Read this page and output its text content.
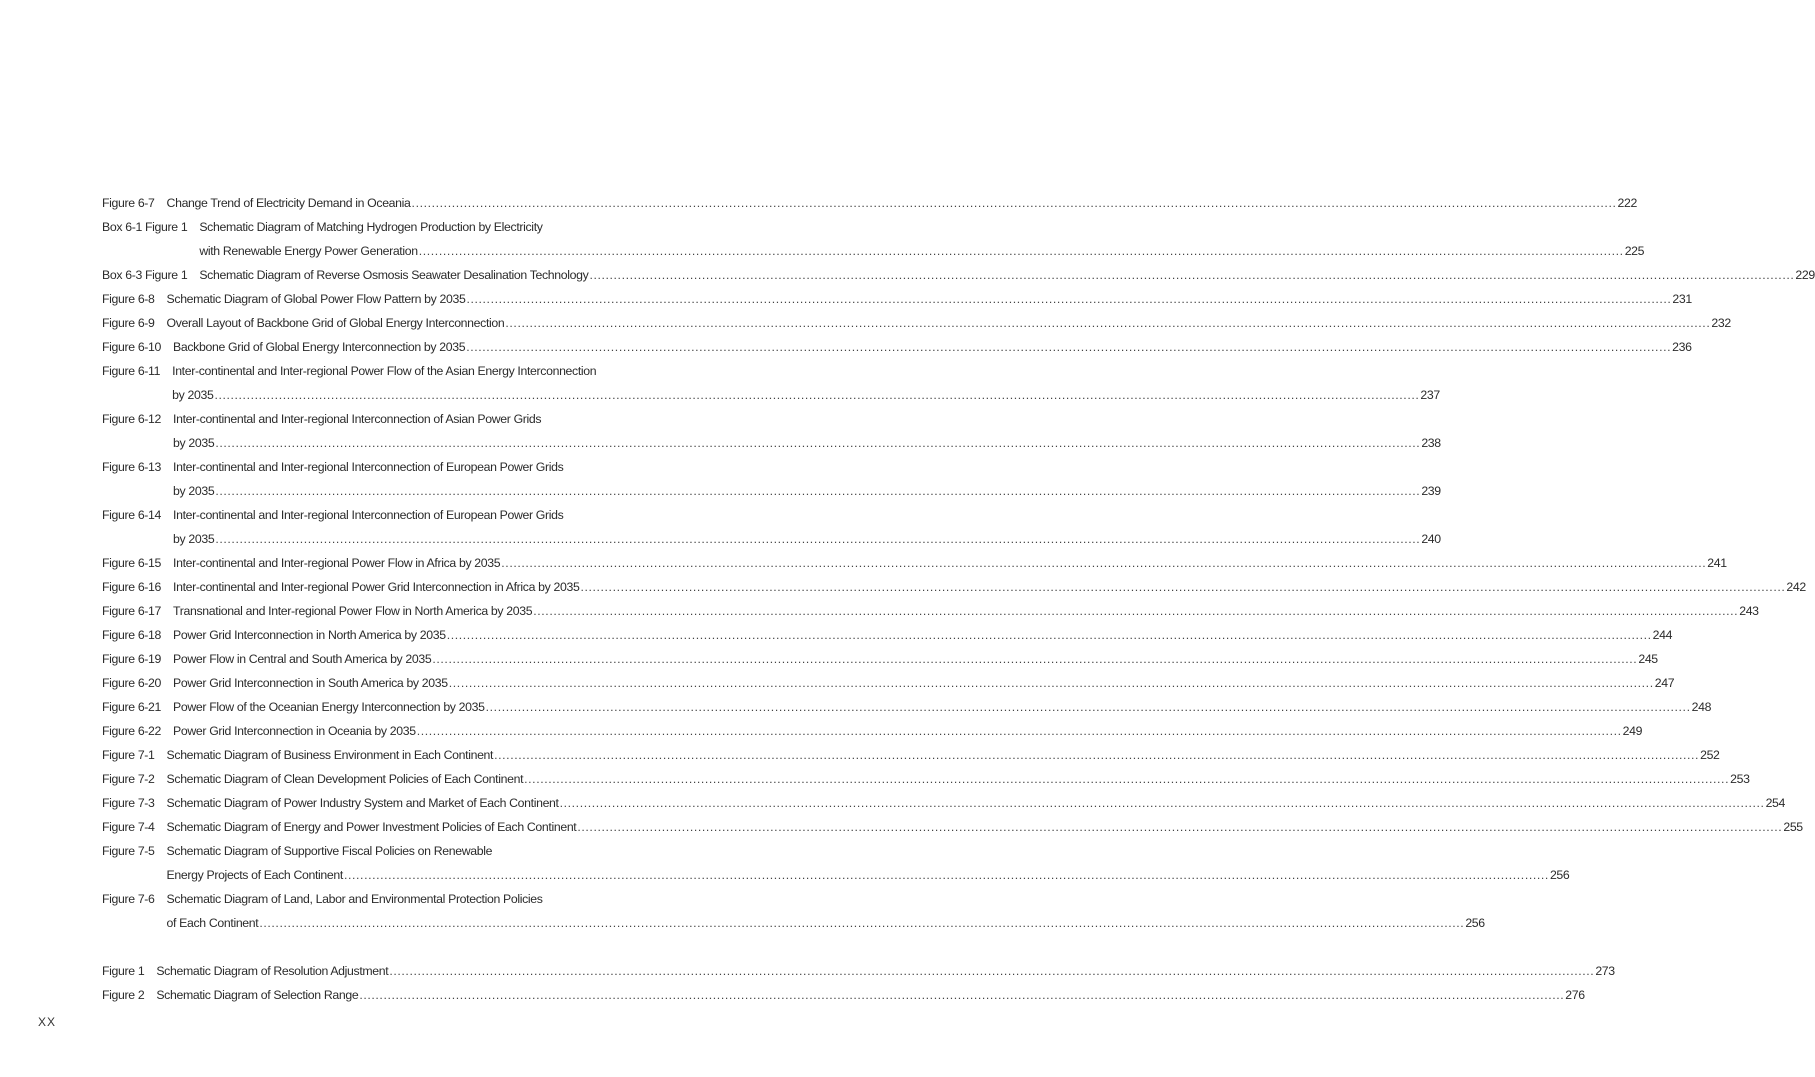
Figure 6-7 Change Trend of Electricity Demand in Oceania ............................................................................................................................................................................................................................................................................................................ 222
Box 6-1 Figure 1 Schematic Diagram of Matching Hydrogen Production by Electricity
with Renewable Energy Power Generation ............................................................................................................................................................................................................................................................................................................ 225
Box 6-3 Figure 1 Schematic Diagram of Reverse Osmosis Seawater Desalination Technology ............................................................................................................................................................................................................................................................................................................ 229
Figure 6-8 Schematic Diagram of Global Power Flow Pattern by 2035 ............................................................................................................................................................................................................................................................................................................ 231
Figure 6-9 Overall Layout of Backbone Grid of Global Energy Interconnection ............................................................................................................................................................................................................................................................................................................ 232
Figure 6-10 Backbone Grid of Global Energy Interconnection by 2035 ............................................................................................................................................................................................................................................................................................................ 236
Figure 6-11 Inter-continental and Inter-regional Power Flow of the Asian Energy Interconnection
by 2035 ............................................................................................................................................................................................................................................................................................................ 237
Figure 6-12 Inter-continental and Inter-regional Interconnection of Asian Power Grids
by 2035 ............................................................................................................................................................................................................................................................................................................ 238
Figure 6-13 Inter-continental and Inter-regional Interconnection of European Power Grids
by 2035 ............................................................................................................................................................................................................................................................................................................ 239
Figure 6-14 Inter-continental and Inter-regional Interconnection of European Power Grids
by 2035 ............................................................................................................................................................................................................................................................................................................ 240
Figure 6-15 Inter-continental and Inter-regional Power Flow in Africa by 2035 ............................................................................................................................................................................................................................................................................................................ 241
Figure 6-16 Inter-continental and Inter-regional Power Grid Interconnection in Africa by 2035 ............................................................................................................................................................................................................................................................................................................ 242
Figure 6-17 Transnational and Inter-regional Power Flow in North America by 2035 ............................................................................................................................................................................................................................................................................................................ 243
Figure 6-18 Power Grid Interconnection in North America by 2035 ............................................................................................................................................................................................................................................................................................................ 244
Figure 6-19 Power Flow in Central and South America by 2035 ............................................................................................................................................................................................................................................................................................................ 245
Figure 6-20 Power Grid Interconnection in South America by 2035 ............................................................................................................................................................................................................................................................................................................ 247
Figure 6-21 Power Flow of the Oceanian Energy Interconnection by 2035 ............................................................................................................................................................................................................................................................................................................ 248
Figure 6-22 Power Grid Interconnection in Oceania by 2035 ............................................................................................................................................................................................................................................................................................................ 249
Figure 7-1 Schematic Diagram of Business Environment in Each Continent ............................................................................................................................................................................................................................................................................................................ 252
Figure 7-2 Schematic Diagram of Clean Development Policies of Each Continent ............................................................................................................................................................................................................................................................................................................ 253
Figure 7-3 Schematic Diagram of Power Industry System and Market of Each Continent ............................................................................................................................................................................................................................................................................................................ 254
Figure 7-4 Schematic Diagram of Energy and Power Investment Policies of Each Continent ............................................................................................................................................................................................................................................................................................................ 255
Figure 7-5 Schematic Diagram of Supportive Fiscal Policies on Renewable
Energy Projects of Each Continent ............................................................................................................................................................................................................................................................................................................ 256
Figure 7-6 Schematic Diagram of Land, Labor and Environmental Protection Policies
of Each Continent ............................................................................................................................................................................................................................................................................................................ 256
Figure 1 Schematic Diagram of Resolution Adjustment ............................................................................................................................................................................................................................................................................................................ 273
Figure 2 Schematic Diagram of Selection Range ............................................................................................................................................................................................................................................................................................................ 276
XX
